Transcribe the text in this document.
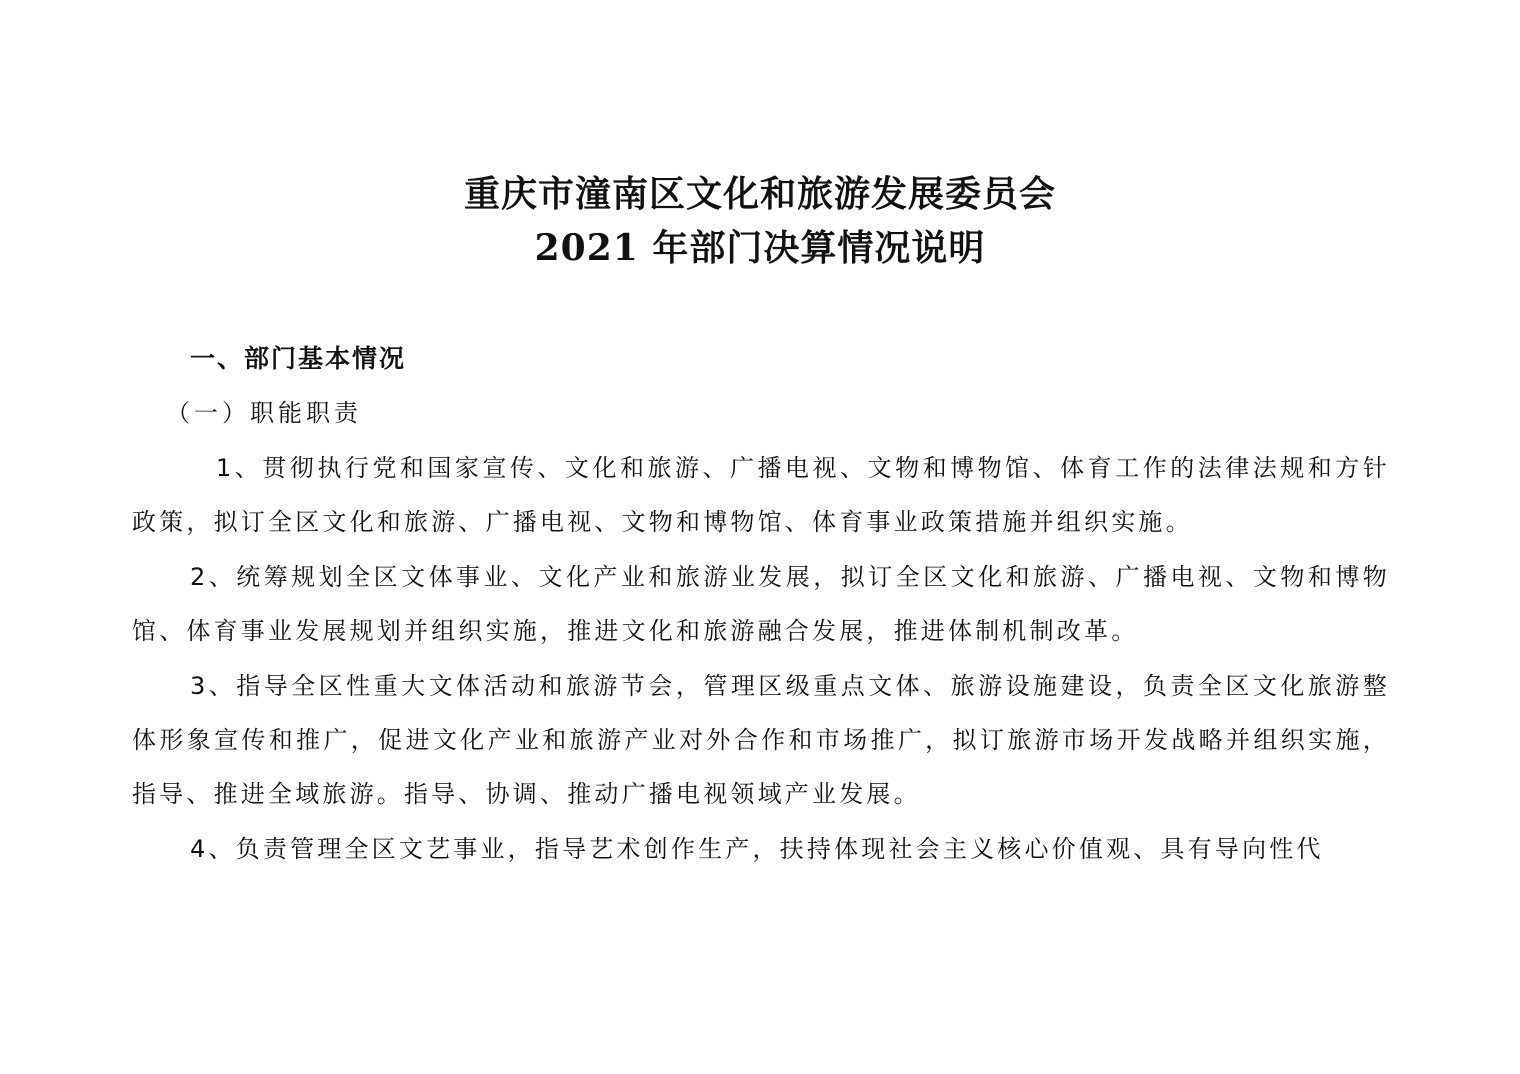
重庆市潼南区文化和旅游发展委员会
2021 年部门决算情况说明
一、部门基本情况
（一）职能职责

1、贯彻执行党和国家宣传、文化和旅游、广播电视、文物和博物馆、体育工作的法律法规和方针政策，拟订全区文化和旅游、广播电视、文物和博物馆、体育事业政策措施并组织实施。

2、统筹规划全区文体事业、文化产业和旅游业发展，拟订全区文化和旅游、广播电视、文物和博物馆、体育事业发展规划并组织实施，推进文化和旅游融合发展，推进体制机制改革。

3、指导全区性重大文体活动和旅游节会，管理区级重点文体、旅游设施建设，负责全区文化旅游整体形象宣传和推广，促进文化产业和旅游产业对外合作和市场推广，拟订旅游市场开发战略并组织实施，指导、推进全域旅游。指导、协调、推动广播电视领域产业发展。

4、负责管理全区文艺事业，指导艺术创作生产，扶持体现社会主义核心价值观、具有导向性代
